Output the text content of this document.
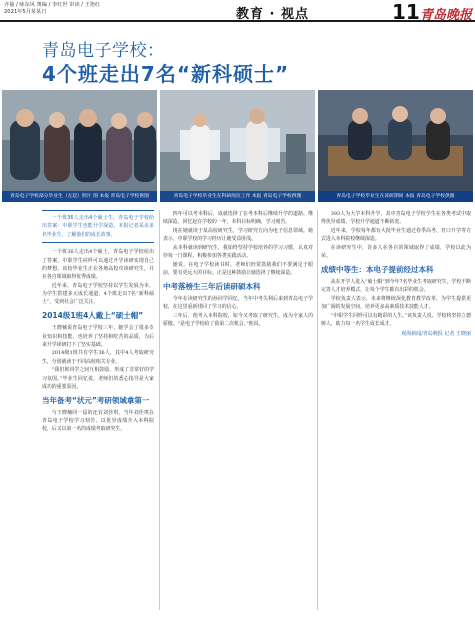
齐抽 / 咏东风 奥编 / 李红世 审读 / 王艳红
2021年5月某某日	教育 · 视点	11 青岛晚报
青岛电子学校：
4个班走出7名“新科硕士”
青岛电子学校部分毕业生（左起）照片 图 本报 青岛电子学校供图	青岛电子学校毕业生在科研岗位工作 本报 青岛电子学校供图	青岛电子学校毕业生在读研期间 本报 青岛电子学校供图

一个班36人走出4个硕士生，青岛电子学校给出答案：中职学生也能升学深造。本报记者采访多名毕业生，了解他们的成长故事。

一个班36人走出4个硕士，青岛电子学校给出了答案，中职学生同样可以通过升学读研实现自己的梦想。该校毕业生正在各地高校攻读研究生，并在各自领域取得优秀成绩。

近年来，青岛电子学校坚持以学生发展为本，为学生搭建多元成长通道，4个班走出7名“新科硕士”，受到社会广泛关注。

2014级1班4人戴上“硕士帽”

王晓楠说青岛电子学校三年，她学会了很多专业知识和技能，也培养了坚持和吃苦的品质，为后来升学读研打下了坚实基础。

2014级1班共有学生36人，其中4人考取研究生，分别就读于不同高校相关专业。

“我们班同学之间互相鼓励，形成了非常好的学习氛围。”毕业生回忆说，老师们的悉心指导是大家成功的重要原因。

当年备考“状元”考研领域拿第一

与王晓楠同一届的还有刘佳琪，当年刘佳琪在青岛电子学校学习刻苦，以优异成绩升入本科院校，后又以第一名的成绩考取研究生。

四年可以考本科后，成就选择了在考本科后继续升学的道路，继续深造。回忆起在学校的一年，本科目标明确，学习刻苦。

现在她就读于某高校研究生，学习研究方向为电子信息领域。她表示，中职学校的学习经历让她受益匪浅。

从本科就读到研究生，我始终坚持学校培养的学习习惯，认真对待每一门课程，积极参加各类实践活动。

她说，在电子学校读书时，老师们经常鼓励我们不要满足于眼前，要有更远大的目标。正是这种鼓励让她选择了继续深造。

中考落榜生三年后读研硕本科

今年在读研究生的孙同学回忆，当年中考失利后来到青岛电子学校，在这里重新找回了学习的信心。

三年后，他考入本科院校，如今又考取了研究生，成为全家人的骄傲。“是电子学校给了我第二次机会。”他说。

393人为大学本科升学，其中青岛电子学校学生在各类考试中取得优异成绩，学校升学通道不断拓宽。

近年来，学校每年都有大批毕业生通过春季高考、对口升学等方式进入本科院校继续深造。

在读研究生中，许多人在各自的领域取得了成绩，学校以此为荣。

成绩中等生：本电子提前经过本科

从在开学人进入“硕士帽”到今年7名毕业生考取研究生，学校不断完善人才培养模式，让每个学生都有出彩的机会。

学校负责人表示，未来将继续深化教育教学改革，为学生提供更加广阔的发展空间，培养更多高素质技术技能人才。

“中职学生同样可以有精彩的人生。”该负责人说，学校将坚持立德树人，助力每一名学生成长成才。

观海新闻/青岛晚报 记者 王晓丽
